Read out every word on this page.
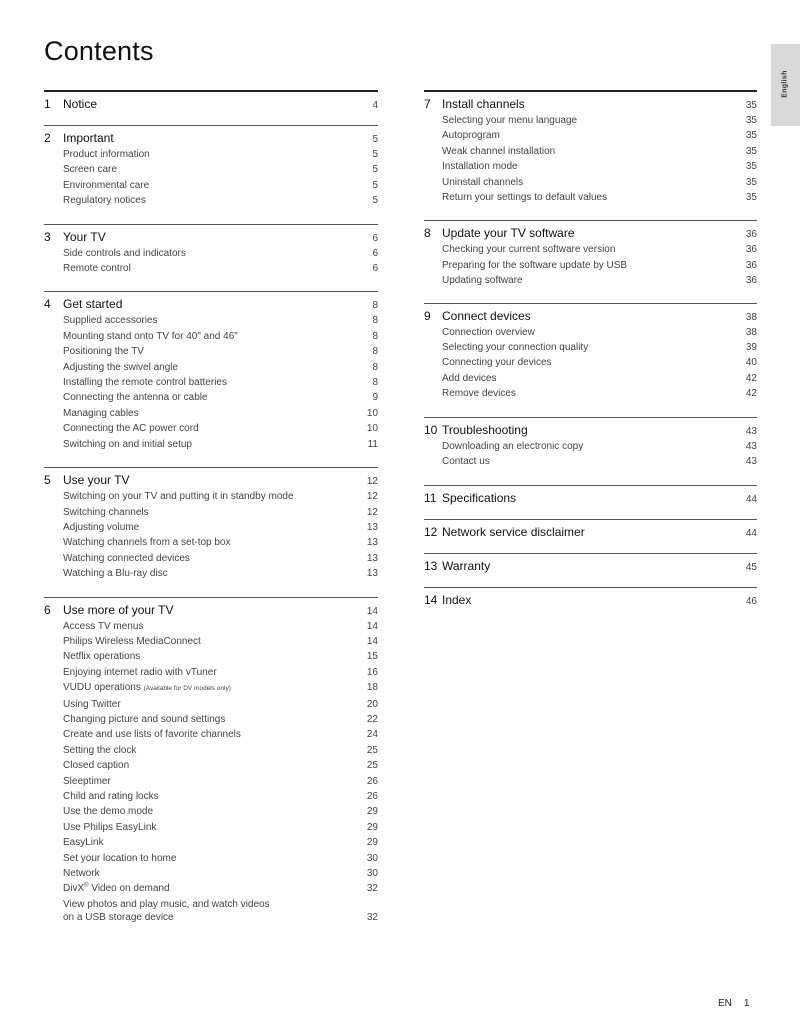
Contents
English
1	Notice	4
2	Important	5
Product information	5
Screen care	5
Environmental care	5
Regulatory notices	5
3	Your TV	6
Side controls and indicators	6
Remote control	6
4	Get started	8
Supplied accessories	8
Mounting stand onto TV for 40" and 46"	8
Positioning the TV	8
Adjusting the swivel angle	8
Installing the remote control batteries	8
Connecting the antenna or cable	9
Managing cables	10
Connecting the AC power cord	10
Switching on and initial setup	11
5	Use your TV	12
Switching on your TV and putting it in standby mode	12
Switching channels	12
Adjusting volume	13
Watching channels from a set-top box	13
Watching connected devices	13
Watching a Blu-ray disc	13
6	Use more of your TV	14
Access TV menus	14
Philips Wireless MediaConnect	14
Netflix operations	15
Enjoying internet radio with vTuner	16
VUDU operations (Available for DV models only)	18
Using Twitter	20
Changing picture and sound settings	22
Create and use lists of favorite channels	24
Setting the clock	25
Closed caption	25
Sleeptimer	26
Child and rating locks	26
Use the demo mode	29
Use Philips EasyLink	29
EasyLink	29
Set your location to home	30
Network	30
DivX® Video on demand	32
View photos and play music, and watch videos
on a USB storage device	32
7 Install channels	35
Selecting your menu language	35
Autoprogram	35
Weak channel installation	35
Installation mode	35
Uninstall channels	35
Return your settings to default values	35
8 Update your TV software	36
Checking your current software version	36
Preparing for the software update by USB	36
Updating software	36
9 Connect devices	38
Connection overview	38
Selecting your connection quality	39
Connecting your devices	40
Add devices	42
Remove devices	42
10 Troubleshooting	43
Downloading an electronic copy	43
Contact us	43
11 Specifications	44
12 Network service disclaimer	44
13 Warranty	45
14 Index	46
EN 1
